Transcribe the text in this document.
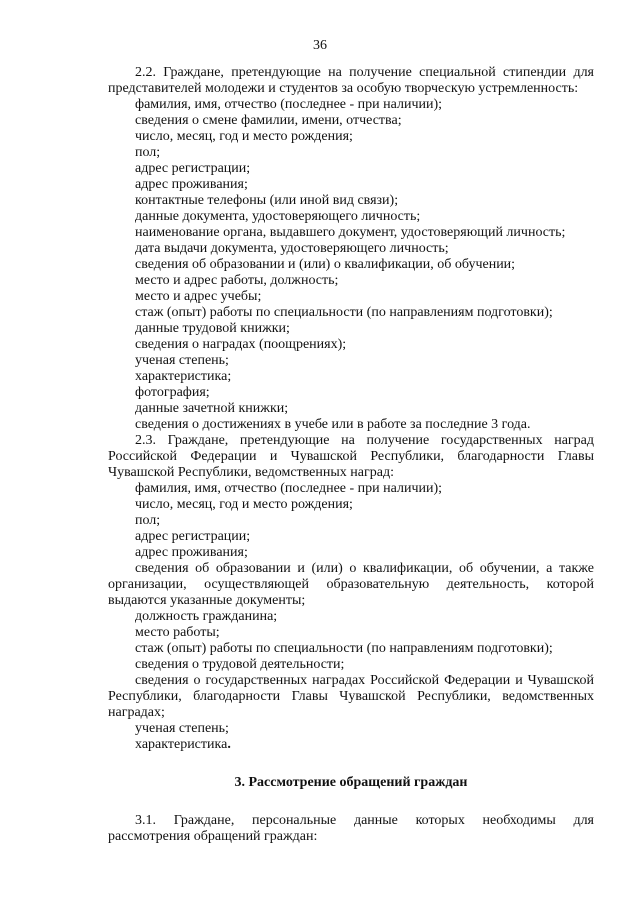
36
2.2. Граждане, претендующие на получение специальной стипендии для
представителей молодежи и студентов за особую творческую устремленность:
фамилия, имя, отчество (последнее - при наличии);
сведения о смене фамилии, имени, отчества;
число, месяц, год и место рождения;
пол;
адрес регистрации;
адрес проживания;
контактные телефоны (или иной вид связи);
данные документа, удостоверяющего личность;
наименование органа, выдавшего документ, удостоверяющий личность;
дата выдачи документа, удостоверяющего личность;
сведения об образовании и (или) о квалификации, об обучении;
место и адрес работы, должность;
место и адрес учебы;
стаж (опыт) работы по специальности (по направлениям подготовки);
данные трудовой книжки;
сведения о наградах (поощрениях);
ученая степень;
характеристика;
фотография;
данные зачетной книжки;
сведения о достижениях в учебе или в работе за последние 3 года.
2.3. Граждане, претендующие на получение государственных наград
Российской Федерации и Чувашской Республики, благодарности Главы
Чувашской Республики, ведомственных наград:
фамилия, имя, отчество (последнее - при наличии);
число, месяц, год и место рождения;
пол;
адрес регистрации;
адрес проживания;
сведения об образовании и (или) о квалификации, об обучении, а также
организации, осуществляющей образовательную деятельность, которой
выдаются указанные документы;
должность гражданина;
место работы;
стаж (опыт) работы по специальности (по направлениям подготовки);
сведения о трудовой деятельности;
сведения о государственных наградах Российской Федерации и Чувашской
Республики, благодарности Главы Чувашской Республики, ведомственных
наградах;
ученая степень;
характеристика.
3. Рассмотрение обращений граждан
3.1. Граждане, персональные данные которых необходимы для
рассмотрения обращений граждан:
